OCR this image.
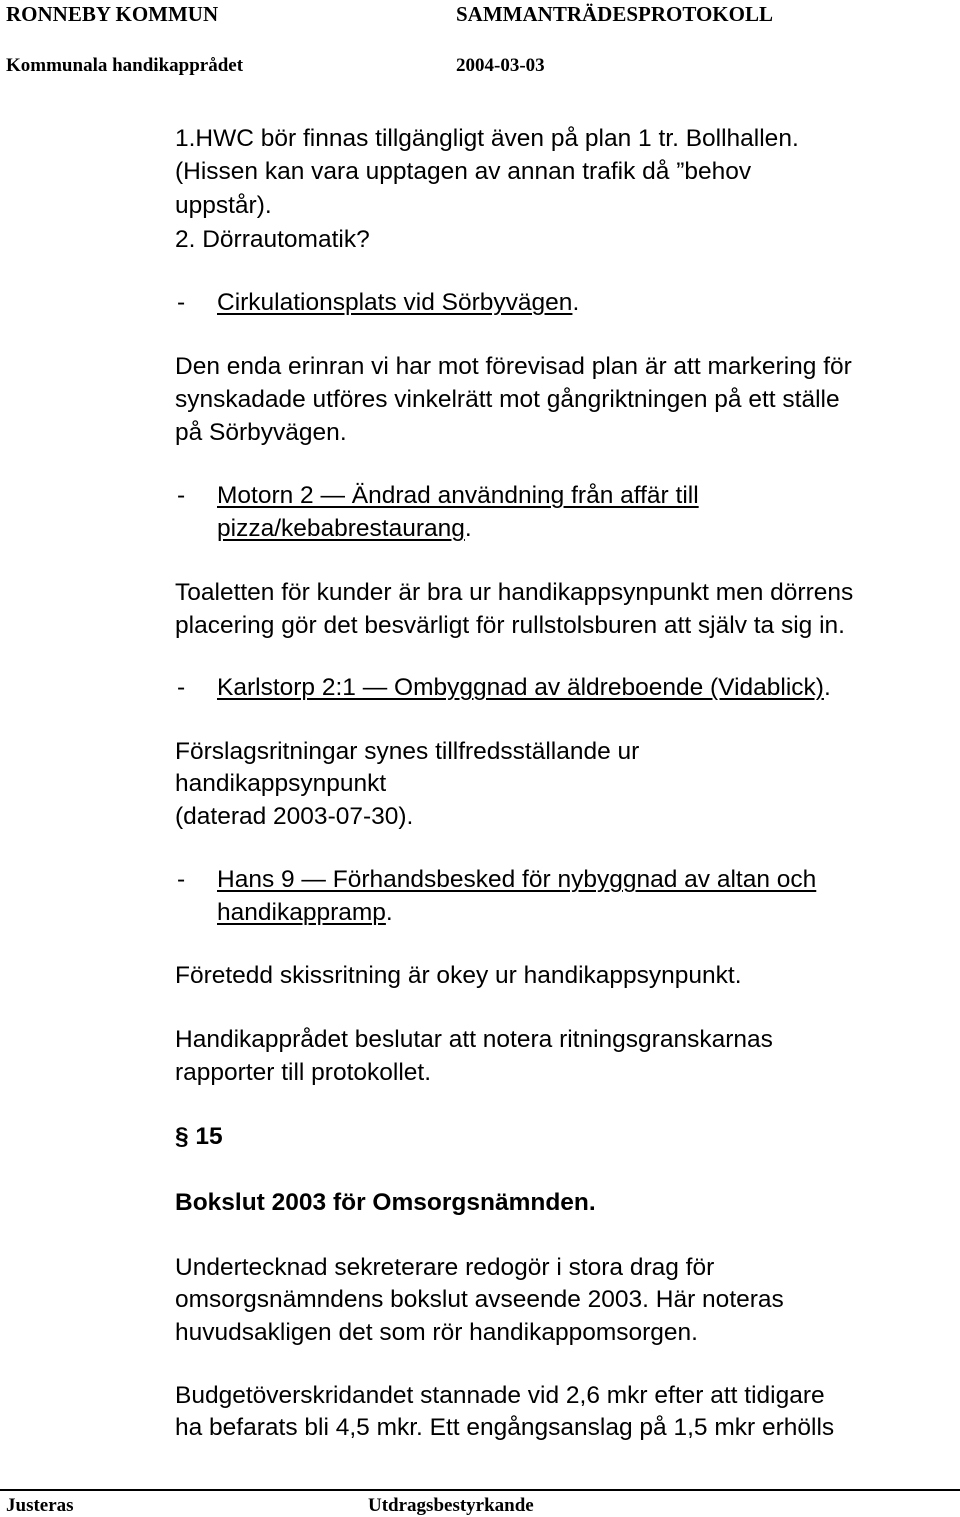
RONNEBY KOMMUN	SAMMANTRÄDESPROTOKOLL
Kommunala handikapprådet	2004-03-03
1.HWC bör finnas tillgängligt även på plan 1 tr. Bollhallen.
(Hissen kan vara upptagen av annan trafik då ”behov
uppstår).
2. Dörrautomatik?
- Cirkulationsplats vid Sörbyvägen.
Den enda erinran vi har mot förevisad plan är att markering för
synskadade utföres vinkelrätt mot gångriktningen på ett ställe
på Sörbyvägen.
- Motorn 2 — Ändrad användning från affär till
pizza/kebabrestaurang.
Toaletten för kunder är bra ur handikappsynpunkt men dörrens
placering gör det besvärligt för rullstolsburen att själv ta sig in.
- Karlstorp 2:1 — Ombyggnad av äldreboende (Vidablick).
Förslagsritningar synes tillfredsställande ur
handikappsynpunkt
(daterad 2003-07-30).
- Hans 9 — Förhandsbesked för nybyggnad av altan och
handikappramp.
Företedd skissritning är okey ur handikappsynpunkt.
Handikapprådet beslutar att notera ritningsgranskarnas
rapporter till protokollet.
§ 15
Bokslut 2003 för Omsorgsnämnden.
Undertecknad sekreterare redogör i stora drag för
omsorgsnämndens bokslut avseende 2003. Här noteras
huvudsakligen det som rör handikappomsorgen.
Budgetöverskridandet stannade vid 2,6 mkr efter att tidigare
ha befarats bli 4,5 mkr. Ett engångsanslag på 1,5 mkr erhölls
Justeras	Utdragsbestyrkande
